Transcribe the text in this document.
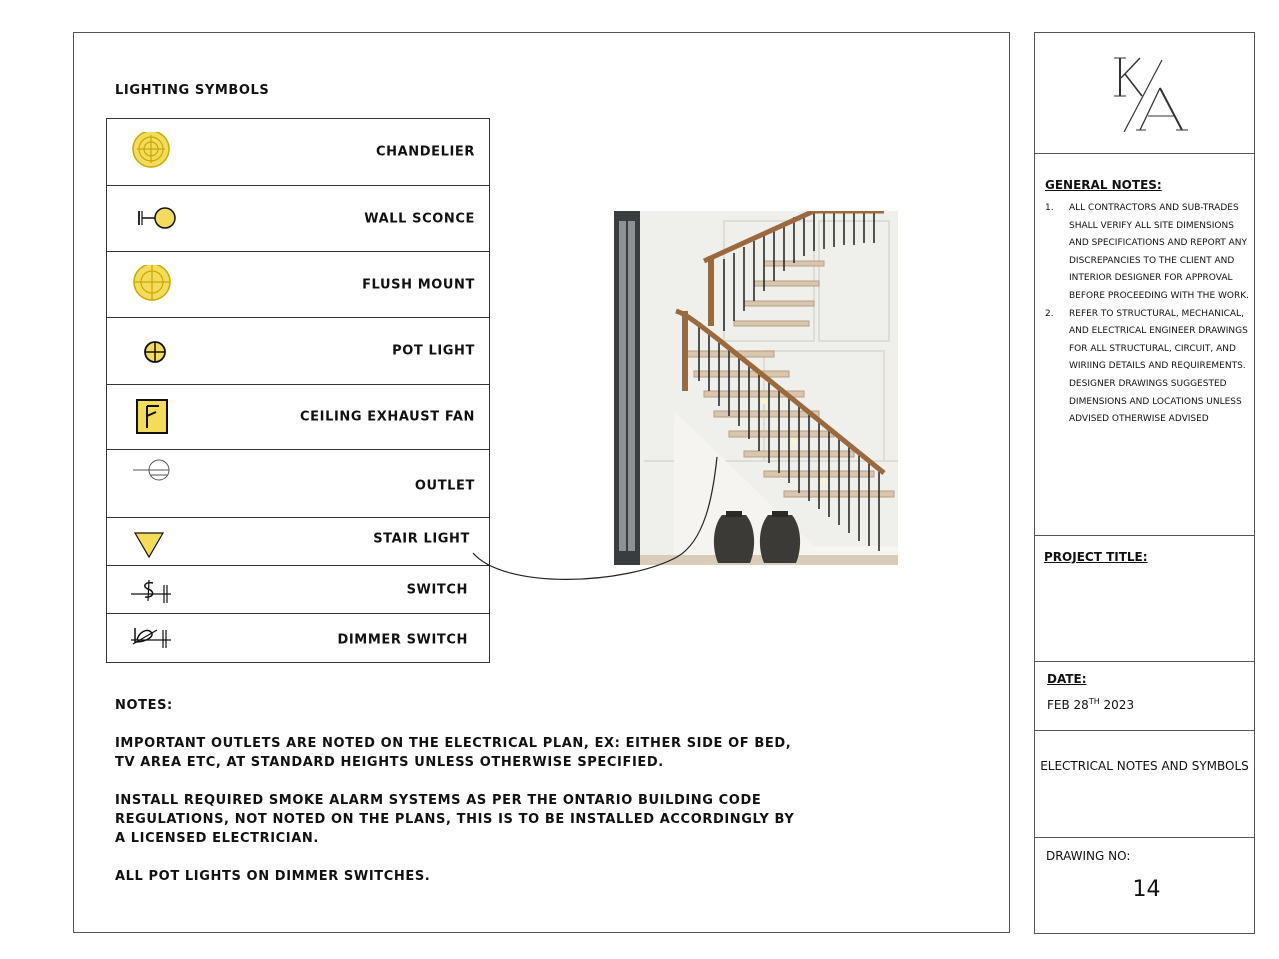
LIGHTING SYMBOLS
CHANDELIER
WALL SCONCE
FLUSH MOUNT
POT LIGHT
CEILING EXHAUST FAN
OUTLET
STAIR LIGHT
SWITCH
DIMMER SWITCH

NOTES:

IMPORTANT OUTLETS ARE NOTED ON THE ELECTRICAL PLAN, EX: EITHER SIDE OF BED, TV AREA ETC, AT STANDARD HEIGHTS UNLESS OTHERWISE SPECIFIED.

INSTALL REQUIRED SMOKE ALARM SYSTEMS AS PER THE ONTARIO BUILDING CODE REGULATIONS, NOT NOTED ON THE PLANS, THIS IS TO BE INSTALLED ACCORDINGLY BY A LICENSED ELECTRICIAN.

ALL POT LIGHTS ON DIMMER SWITCHES.

GENERAL NOTES:
1. ALL CONTRACTORS AND SUB-TRADES SHALL VERIFY ALL SITE DIMENSIONS AND SPECIFICATIONS AND REPORT ANY DISCREPANCIES TO THE CLIENT AND INTERIOR DESIGNER FOR APPROVAL BEFORE PROCEEDING WITH THE WORK.
2. REFER TO STRUCTURAL, MECHANICAL, AND ELECTRICAL ENGINEER DRAWINGS FOR ALL STRUCTURAL, CIRCUIT, AND WIRIING DETAILS AND REQUIREMENTS. DESIGNER DRAWINGS SUGGESTED DIMENSIONS AND LOCATIONS UNLESS ADVISED OTHERWISE ADVISED
PROJECT TITLE:
DATE:
FEB 28TH 2023
ELECTRICAL NOTES AND SYMBOLS
DRAWING NO:
14
